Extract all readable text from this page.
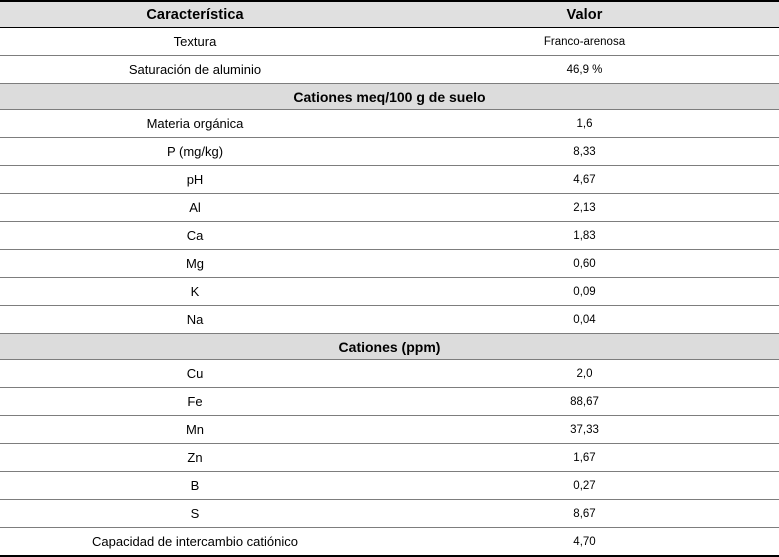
Característica	Valor
Textura	Franco-arenosa
Saturación de aluminio	46,9 %
Cationes meq/100 g de suelo	
Materia orgánica	1,6
P (mg/kg)	8,33
pH	4,67
Al	2,13
Ca	1,83
Mg	0,60
K	0,09
Na	0,04
Cationes (ppm)	
Cu	2,0
Fe	88,67
Mn	37,33
Zn	1,67
B	0,27
S	8,67
Capacidad de intercambio catiónico	4,70
